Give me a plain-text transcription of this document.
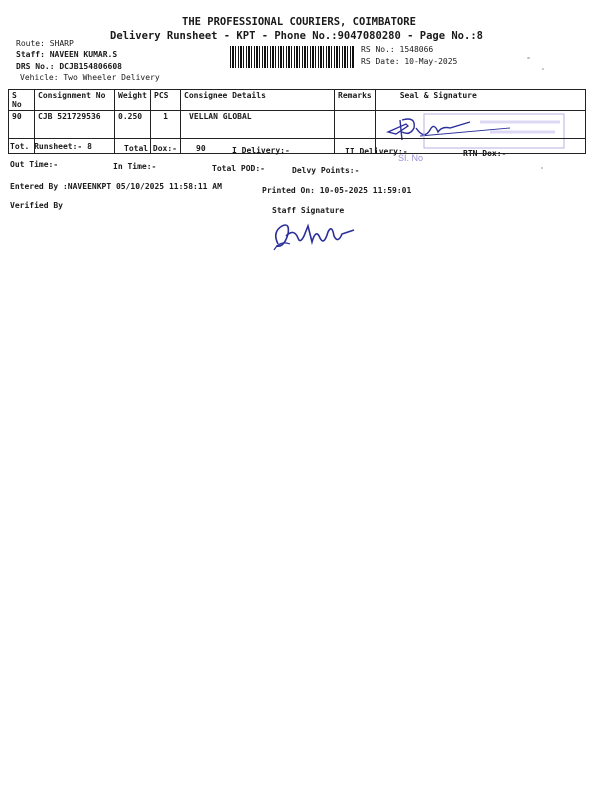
THE PROFESSIONAL COURIERS, COIMBATORE
Delivery Runsheet - KPT - Phone No.:9047080280 - Page No.:8
Route: SHARP
Staff: NAVEEN KUMAR.S
DRS No.: DCJB154806608
Vehicle: Two Wheeler Delivery
RS No.: 1548066
RS Date: 10-May-2025
S No	Consignment No	Weight	PCS	Consignee Details	Remarks	Seal & Signature
90	CJB 521729536	0.250	1	VELLAN GLOBAL		
Tot. Runsheet:- 8	Total Dox:- 90	I Delivery:-	II Delivery:-	RTN Dox:-
SI. No
Out Time:-	In Time:-	Total POD:-	Delvy Points:-
Entered By :NAVEENKPT 05/10/2025 11:58:11 AM	Printed On: 10-05-2025 11:59:01
Verified By
Staff Signature
